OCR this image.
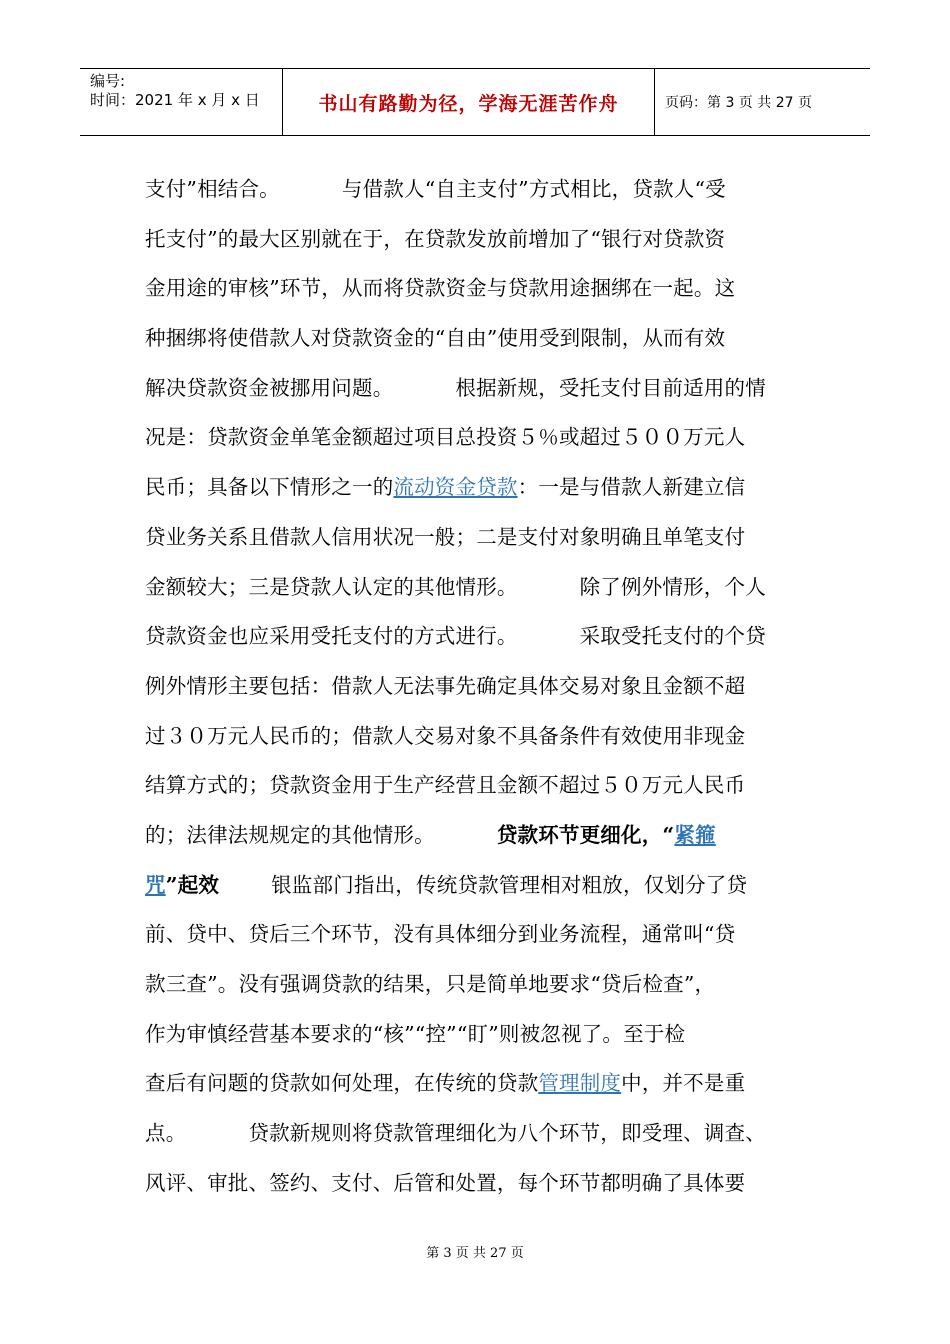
编号:
时间：2021 年 x 月 x 日	书山有路勤为径，学海无涯苦作舟	页码：第 3 页 共 27 页
支付”相结合。	与借款人“自主支付”方式相比，贷款人“受
托支付”的最大区别就在于，在贷款发放前增加了“银行对贷款资
金用途的审核”环节，从而将贷款资金与贷款用途捆绑在一起。这
种捆绑将使借款人对贷款资金的“自由”使用受到限制，从而有效
解决贷款资金被挪用问题。	根据新规，受托支付目前适用的情
况是：贷款资金单笔金额超过项目总投资５％或超过５００万元人
民币；具备以下情形之一的流动资金贷款：一是与借款人新建立信
贷业务关系且借款人信用状况一般；二是支付对象明确且单笔支付
金额较大；三是贷款人认定的其他情形。	除了例外情形，个人
贷款资金也应采用受托支付的方式进行。	采取受托支付的个贷
例外情形主要包括：借款人无法事先确定具体交易对象且金额不超
过３０万元人民币的；借款人交易对象不具备条件有效使用非现金
结算方式的；贷款资金用于生产经营且金额不超过５０万元人民币
的；法律法规规定的其他情形。	贷款环节更细化，“紧箍
咒”起效	银监部门指出，传统贷款管理相对粗放，仅划分了贷
前、贷中、贷后三个环节，没有具体细分到业务流程，通常叫“贷
款三查”。没有强调贷款的结果，只是简单地要求“贷后检查”，
作为审慎经营基本要求的“核”“控”“盯”则被忽视了。至于检
查后有问题的贷款如何处理，在传统的贷款管理制度中，并不是重
点。	贷款新规则将贷款管理细化为八个环节，即受理、调查、
风评、审批、签约、支付、后管和处置，每个环节都明确了具体要
第 3 页 共 27 页
